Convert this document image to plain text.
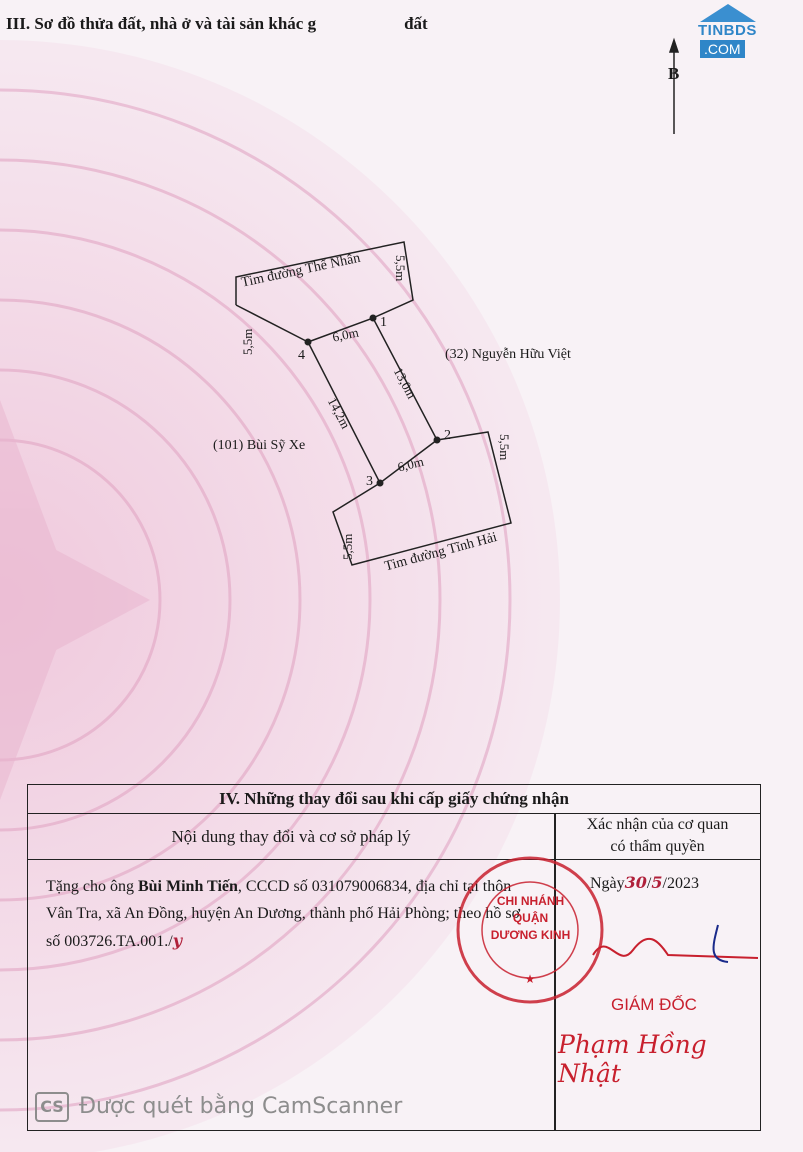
III. Sơ đồ thửa đất, nhà ở và tài sản khác g	đất	TINBDS
.COM
B
Tim đường Thế Nhân 5,5m
5,5m	6,0m
1
4	(32) Nguyễn Hữu Việt
13,0m
14,2m
(101) Bùi Sỹ Xe
2
6,0m
3
5,5m
5,5m Tim đường Tĩnh Hải
IV. Những thay đổi sau khi cấp giấy chứng nhận
Nội dung thay đổi và cơ sở pháp lý
Xác nhận của cơ quan
có thẩm quyền
Tặng cho ông Bùi Minh Tiến, CCCD số 031079006834, địa chỉ tại thôn Vân Tra, xã An Đồng, huyện An Dương, thành phố Hải Phòng; theo hồ sơ số 003726.TA.001./y
Ngày30/5/2023
GIÁM ĐỐC
Phạm Hồng Nhật
★
CHI NHÁNH
QUẬN
DƯƠNG KINH
CS Được quét bằng CamScanner
